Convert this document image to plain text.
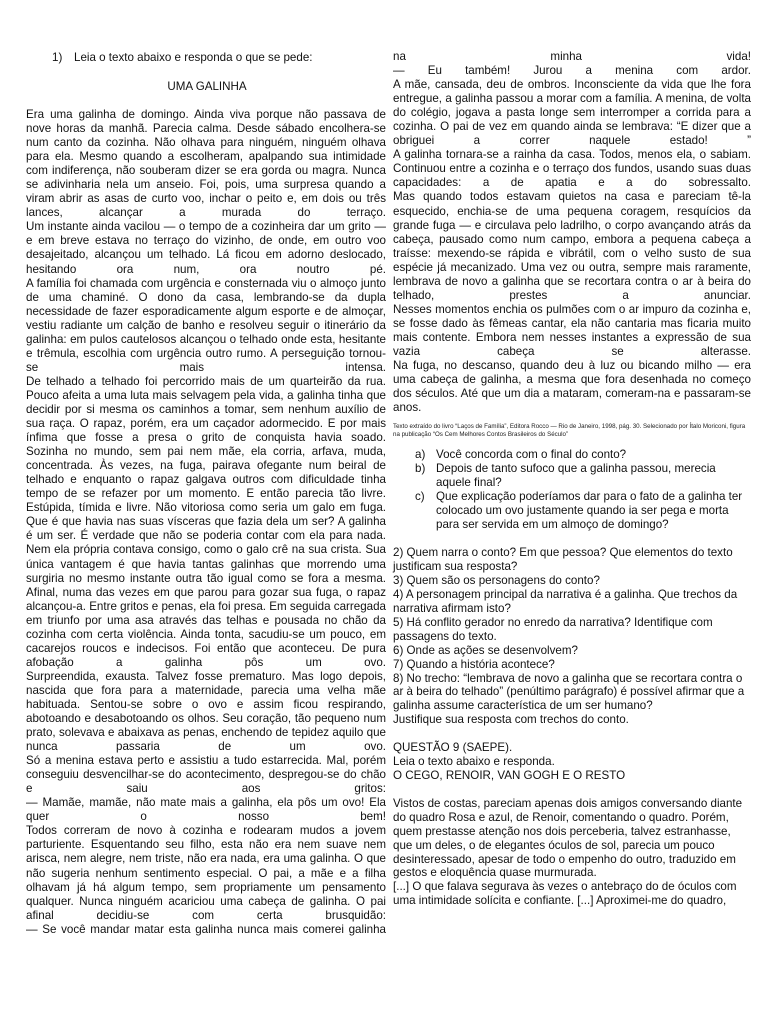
1) Leia o texto abaixo e responda o que se pede:
UMA GALINHA

Era uma galinha de domingo. Ainda viva porque não passava de nove horas da manhã. Parecia calma. Desde sábado encolhera-se num canto da cozinha. Não olhava para ninguém, ninguém olhava para ela. Mesmo quando a escolheram, apalpando sua intimidade com indiferença, não souberam dizer se era gorda ou magra. Nunca se adivinharia nela um anseio. Foi, pois, uma surpresa quando a viram abrir as asas de curto voo, inchar o peito e, em dois ou três lances, alcançar a murada do terraço.

Um instante ainda vacilou — o tempo de a cozinheira dar um grito — e em breve estava no terraço do vizinho, de onde, em outro voo desajeitado, alcançou um telhado. Lá ficou em adorno deslocado, hesitando ora num, ora noutro pé.

A família foi chamada com urgência e consternada viu o almoço junto de uma chaminé. O dono da casa, lembrando-se da dupla necessidade de fazer esporadicamente algum esporte e de almoçar, vestiu radiante um calção de banho e resolveu seguir o itinerário da galinha: em pulos cautelosos alcançou o telhado onde esta, hesitante e trêmula, escolhia com urgência outro rumo. A perseguição tornou-se mais intensa.

De telhado a telhado foi percorrido mais de um quarteirão da rua. Pouco afeita a uma luta mais selvagem pela vida, a galinha tinha que decidir por si mesma os caminhos a tomar, sem nenhum auxílio de sua raça. O rapaz, porém, era um caçador adormecido. E por mais ínfima que fosse a presa o grito de conquista havia soado.

Sozinha no mundo, sem pai nem mãe, ela corria, arfava, muda, concentrada. Às vezes, na fuga, pairava ofegante num beiral de telhado e enquanto o rapaz galgava outros com dificuldade tinha tempo de se refazer por um momento. E então parecia tão livre.

Estúpida, tímida e livre. Não vitoriosa como seria um galo em fuga. Que é que havia nas suas vísceras que fazia dela um ser? A galinha é um ser. É verdade que não se poderia contar com ela para nada.

Nem ela própria contava consigo, como o galo crê na sua crista. Sua única vantagem é que havia tantas galinhas que morrendo uma surgiria no mesmo instante outra tão igual como se fora a mesma.

Afinal, numa das vezes em que parou para gozar sua fuga, o rapaz alcançou-a. Entre gritos e penas, ela foi presa. Em seguida carregada em triunfo por uma asa através das telhas e pousada no chão da cozinha com certa violência. Ainda tonta, sacudiu-se um pouco, em cacarejos roucos e indecisos. Foi então que aconteceu. De pura afobação a galinha pôs um ovo.

Surpreendida, exausta. Talvez fosse prematuro. Mas logo depois, nascida que fora para a maternidade, parecia uma velha mãe habituada. Sentou-se sobre o ovo e assim ficou respirando, abotoando e desabotoando os olhos. Seu coração, tão pequeno num prato, solevava e abaixava as penas, enchendo de tepidez aquilo que nunca passaria de um ovo.

Só a menina estava perto e assistiu a tudo estarrecida. Mal, porém conseguiu desvencilhar-se do acontecimento, despregou-se do chão e saiu aos gritos:

— Mamãe, mamãe, não mate mais a galinha, ela pôs um ovo! Ela quer o nosso bem!

Todos correram de novo à cozinha e rodearam mudos a jovem parturiente. Esquentando seu filho, esta não era nem suave nem arisca, nem alegre, nem triste, não era nada, era uma galinha. O que não sugeria nenhum sentimento especial. O pai, a mãe e a filha olhavam já há algum tempo, sem propriamente um pensamento qualquer. Nunca ninguém acariciou uma cabeça de galinha. O pai afinal decidiu-se com certa brusquidão:

— Se você mandar matar esta galinha nunca mais comerei galinha

na minha vida!

— Eu também! Jurou a menina com ardor.

A mãe, cansada, deu de ombros. Inconsciente da vida que lhe fora entregue, a galinha passou a morar com a família. A menina, de volta do colégio, jogava a pasta longe sem interromper a corrida para a cozinha. O pai de vez em quando ainda se lembrava: “E dizer que a obriguei a correr naquele estado! ”

A galinha tornara-se a rainha da casa. Todos, menos ela, o sabiam. Continuou entre a cozinha e o terraço dos fundos, usando suas duas capacidades: a de apatia e a do sobressalto.

Mas quando todos estavam quietos na casa e pareciam tê-la esquecido, enchia-se de uma pequena coragem, resquícios da grande fuga — e circulava pelo ladrilho, o corpo avançando atrás da cabeça, pausado como num campo, embora a pequena cabeça a traísse: mexendo-se rápida e vibrátil, com o velho susto de sua espécie já mecanizado. Uma vez ou outra, sempre mais raramente, lembrava de novo a galinha que se recortara contra o ar à beira do telhado, prestes a anunciar.

Nesses momentos enchia os pulmões com o ar impuro da cozinha e, se fosse dado às fêmeas cantar, ela não cantaria mas ficaria muito mais contente. Embora nem nesses instantes a expressão de sua vazia cabeça se alterasse.

Na fuga, no descanso, quando deu à luz ou bicando milho — era uma cabeça de galinha, a mesma que fora desenhada no começo dos séculos. Até que um dia a mataram, comeram-na e passaram-se anos.

Texto extraído do livro “Laços de Família”, Editora Rocco — Rio de Janeiro, 1998, pág. 30. Selecionado por Ítalo Moriconi, figura na publicação “Os Cem Melhores Contos Brasileiros do Século”

a) Você concorda com o final do conto?
b) Depois de tanto sufoco que a galinha passou, merecia aquele final?
c) Que explicação poderíamos dar para o fato de a galinha ter colocado um ovo justamente quando ia ser pega e morta para ser servida em um almoço de domingo?

2) Quem narra o conto? Em que pessoa? Que elementos do texto justificam sua resposta?

3) Quem são os personagens do conto?

4) A personagem principal da narrativa é a galinha. Que trechos da narrativa afirmam isto?

5) Há conflito gerador no enredo da narrativa? Identifique com passagens do texto.

6) Onde as ações se desenvolvem?

7) Quando a história acontece?

8) No trecho: “lembrava de novo a galinha que se recortara contra o ar à beira do telhado” (penúltimo parágrafo) é possível afirmar que a galinha assume característica de um ser humano?

Justifique sua resposta com trechos do conto.

QUESTÃO 9 (SAEPE).

Leia o texto abaixo e responda.

O CEGO, RENOIR, VAN GOGH E O RESTO

Vistos de costas, pareciam apenas dois amigos conversando diante do quadro Rosa e azul, de Renoir, comentando o quadro. Porém, quem prestasse atenção nos dois perceberia, talvez estranhasse, que um deles, o de elegantes óculos de sol, parecia um pouco desinteressado, apesar de todo o empenho do outro, traduzido em gestos e eloquência quase murmurada.

[...] O que falava segurava às vezes o antebraço do de óculos com uma intimidade solícita e confiante. [...] Aproximei-me do quadro,
